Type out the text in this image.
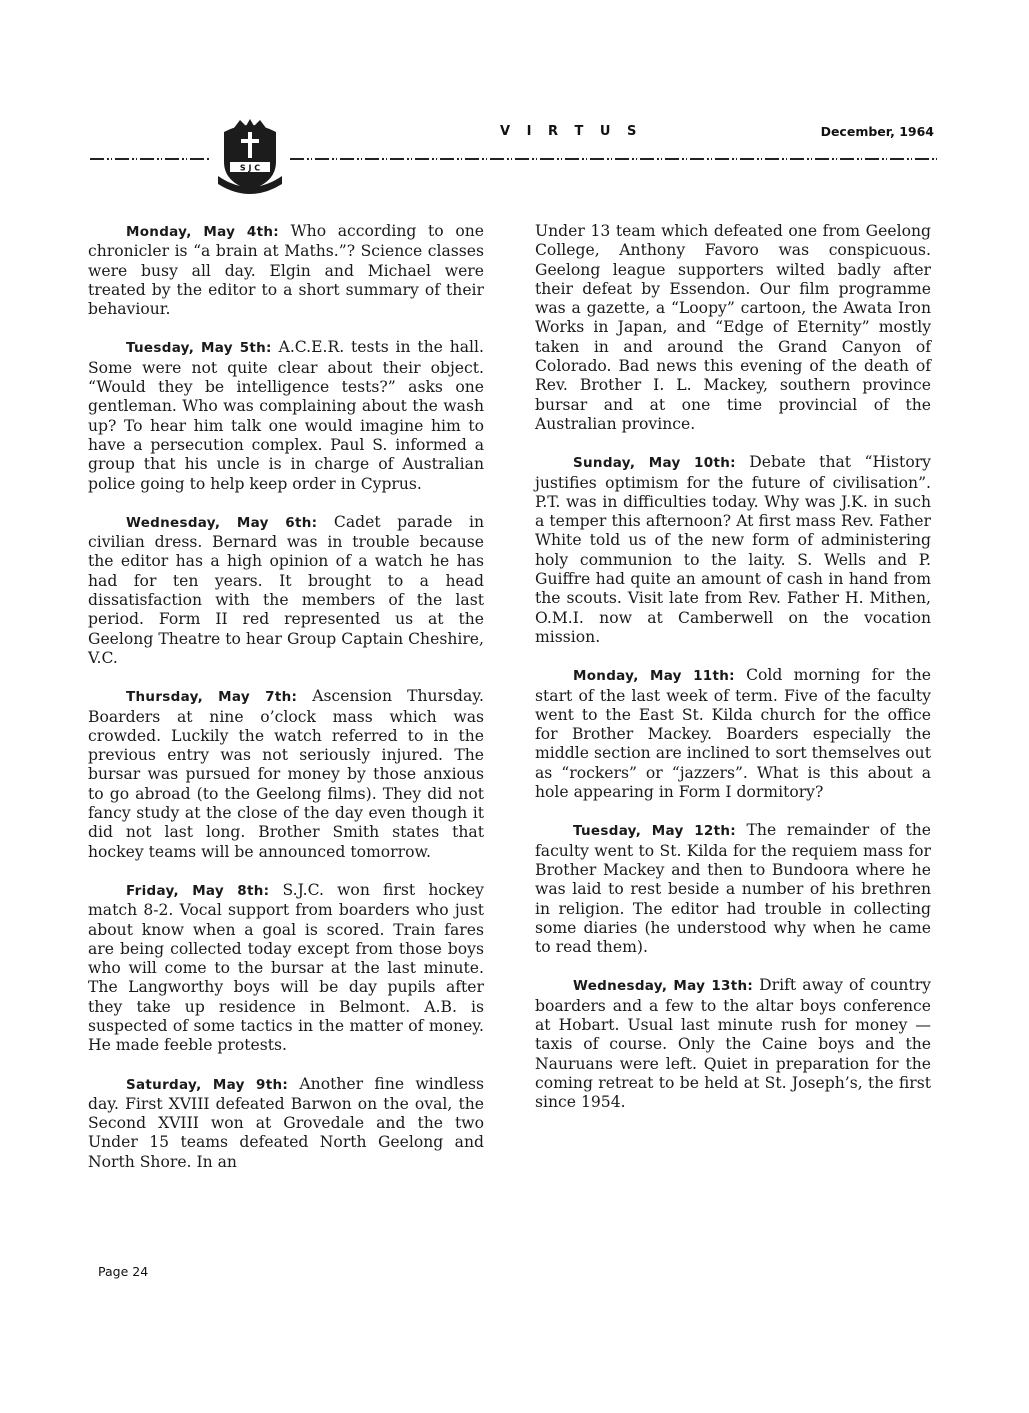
S J C
V I R T U S	December, 1964

Monday, May 4th: Who according to one chronicler is “a brain at Maths.”? Science classes were busy all day. Elgin and Michael were treated by the editor to a short summary of their behaviour.

Tuesday, May 5th: A.C.E.R. tests in the hall. Some were not quite clear about their object. “Would they be intelligence tests?” asks one gentleman. Who was complaining about the wash up? To hear him talk one would imagine him to have a persecution complex. Paul S. informed a group that his uncle is in charge of Australian police going to help keep order in Cyprus.

Wednesday, May 6th: Cadet parade in civilian dress. Bernard was in trouble because the editor has a high opinion of a watch he has had for ten years. It brought to a head dissatisfaction with the members of the last period. Form II red represented us at the Geelong Theatre to hear Group Captain Cheshire, V.C.

Thursday, May 7th: Ascension Thursday. Boarders at nine o’clock mass which was crowded. Luckily the watch referred to in the previous entry was not seriously injured. The bursar was pursued for money by those anxious to go abroad (to the Geelong films). They did not fancy study at the close of the day even though it did not last long. Brother Smith states that hockey teams will be announced tomorrow.

Friday, May 8th: S.J.C. won first hockey match 8-2. Vocal support from boarders who just about know when a goal is scored. Train fares are being collected today except from those boys who will come to the bursar at the last minute. The Langworthy boys will be day pupils after they take up residence in Belmont. A.B. is suspected of some tactics in the matter of money. He made feeble protests.

Saturday, May 9th: Another fine windless day. First XVIII defeated Barwon on the oval, the Second XVIII won at Grovedale and the two Under 15 teams defeated North Geelong and North Shore. In an

Under 13 team which defeated one from Geelong College, Anthony Favoro was conspicuous. Geelong league supporters wilted badly after their defeat by Essendon. Our film programme was a gazette, a “Loopy” cartoon, the Awata Iron Works in Japan, and “Edge of Eternity” mostly taken in and around the Grand Canyon of Colorado. Bad news this evening of the death of Rev. Brother I. L. Mackey, southern province bursar and at one time provincial of the Australian province.

Sunday, May 10th: Debate that “History justifies optimism for the future of civilisation”. P.T. was in difficulties today. Why was J.K. in such a temper this afternoon? At first mass Rev. Father White told us of the new form of administering holy communion to the laity. S. Wells and P. Guiffre had quite an amount of cash in hand from the scouts. Visit late from Rev. Father H. Mithen, O.M.I. now at Camberwell on the vocation mission.

Monday, May 11th: Cold morning for the start of the last week of term. Five of the faculty went to the East St. Kilda church for the office for Brother Mackey. Boarders especially the middle section are inclined to sort themselves out as “rockers” or “jazzers”. What is this about a hole appearing in Form I dormitory?

Tuesday, May 12th: The remainder of the faculty went to St. Kilda for the requiem mass for Brother Mackey and then to Bundoora where he was laid to rest beside a number of his brethren in religion. The editor had trouble in collecting some diaries (he understood why when he came to read them).

Wednesday, May 13th: Drift away of country boarders and a few to the altar boys conference at Hobart. Usual last minute rush for money — taxis of course. Only the Caine boys and the Nauruans were left. Quiet in preparation for the coming retreat to be held at St. Joseph’s, the first since 1954.

Page 24
